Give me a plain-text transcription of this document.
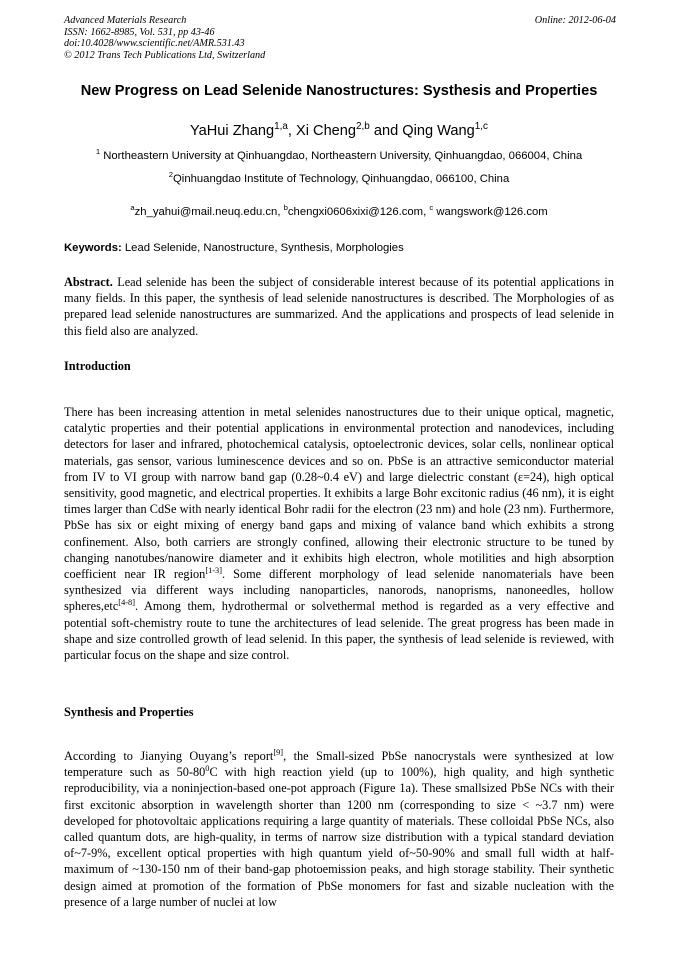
Advanced Materials Research
ISSN: 1662-8985, Vol. 531, pp 43-46
doi:10.4028/www.scientific.net/AMR.531.43
© 2012 Trans Tech Publications Ltd, Switzerland
Online: 2012-06-04
New Progress on Lead Selenide Nanostructures: Systhesis and Properties
YaHui Zhang$^{1,a}$, Xi Cheng$^{2,b}$ and Qing Wang$^{1,c}$
$^1$ Northeastern University at Qinhuangdao, Northeastern University, Qinhuangdao, 066004, China
$^2$Qinhuangdao Institute of Technology, Qinhuangdao, 066100, China
$^a$zh_yahui@mail.neuq.edu.cn, $^b$chengxi0606xixi@126.com, $^c$ wangswork@126.com
Keywords: Lead Selenide, Nanostructure, Synthesis, Morphologies
Abstract. Lead selenide has been the subject of considerable interest because of its potential applications in many fields. In this paper, the synthesis of lead selenide nanostructures is described. The Morphologies of as prepared lead selenide nanostructures are summarized. And the applications and prospects of lead selenide in this field also are analyzed.
Introduction
There has been increasing attention in metal selenides nanostructures due to their unique optical, magnetic, catalytic properties and their potential applications in environmental protection and nanodevices, including detectors for laser and infrared, photochemical catalysis, optoelectronic devices, solar cells, nonlinear optical materials, gas sensor, various luminescence devices and so on. PbSe is an attractive semiconductor material from IV to VI group with narrow band gap (0.28~0.4 eV) and large dielectric constant (ε=24), high optical sensitivity, good magnetic, and electrical properties. It exhibits a large Bohr excitonic radius (46 nm), it is eight times larger than CdSe with nearly identical Bohr radii for the electron (23 nm) and hole (23 nm). Furthermore, PbSe has six or eight mixing of energy band gaps and mixing of valance band which exhibits a strong confinement. Also, both carriers are strongly confined, allowing their electronic structure to be tuned by changing nanotubes/nanowire diameter and it exhibits high electron, whole motilities and high absorption coefficient near IR region[1-3]. Some different morphology of lead selenide nanomaterials have been synthesized via different ways including nanoparticles, nanorods, nanoprisms, nanoneedles, hollow spheres,etc[4-8]. Among them, hydrothermal or solvethermal method is regarded as a very effective and potential soft-chemistry route to tune the architectures of lead selenide. The great progress has been made in shape and size controlled growth of lead selenid. In this paper, the synthesis of lead selenide is reviewed, with particular focus on the shape and size control.
Synthesis and Properties
According to Jianying Ouyang’s report[9], the Small-sized PbSe nanocrystals were synthesized at low temperature such as $50-80^0C$ with high reaction yield (up to 100%), high quality, and high synthetic reproducibility, via a noninjection-based one-pot approach (Figure 1a). These smallsized PbSe NCs with their first excitonic absorption in wavelength shorter than 1200 nm (corresponding to size < ~3.7 nm) were developed for photovoltaic applications requiring a large quantity of materials. These colloidal PbSe NCs, also called quantum dots, are high-quality, in terms of narrow size distribution with a typical standard deviation of~7-9%, excellent optical properties with high quantum yield of~50-90% and small full width at half-maximum of ~130-150 nm of their band-gap photoemission peaks, and high storage stability. Their synthetic design aimed at promotion of the formation of PbSe monomers for fast and sizable nucleation with the presence of a large number of nuclei at low
